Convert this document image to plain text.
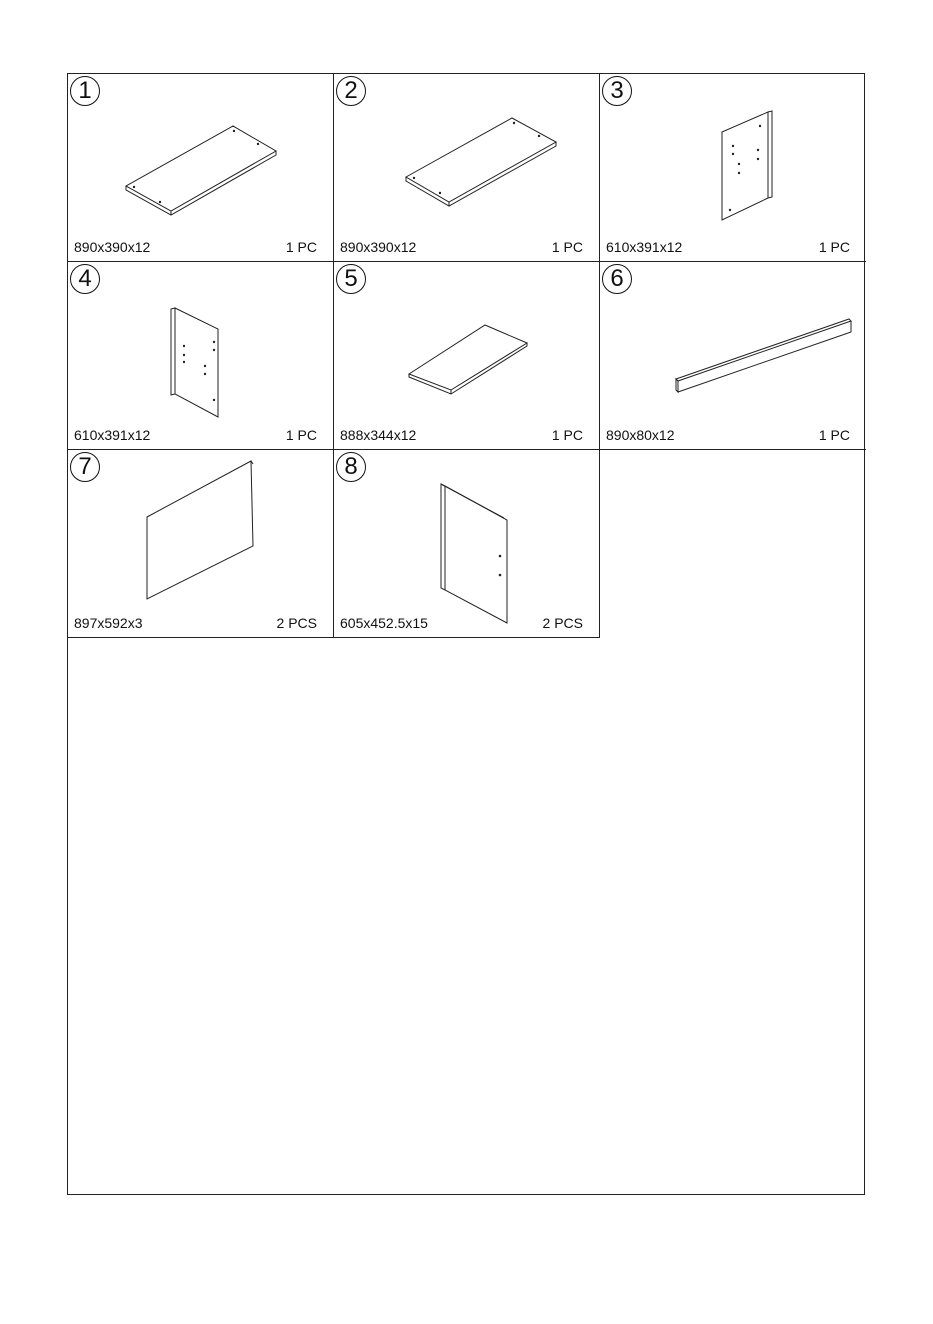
1
890x390x12	1 PC
2
890x390x12	1 PC
3
610x391x12	1 PC
4
610x391x12	1 PC
5
888x344x12	1 PC
6
890x80x12	1 PC
7
897x592x3	2 PCS
8
605x452.5x15	2 PCS
